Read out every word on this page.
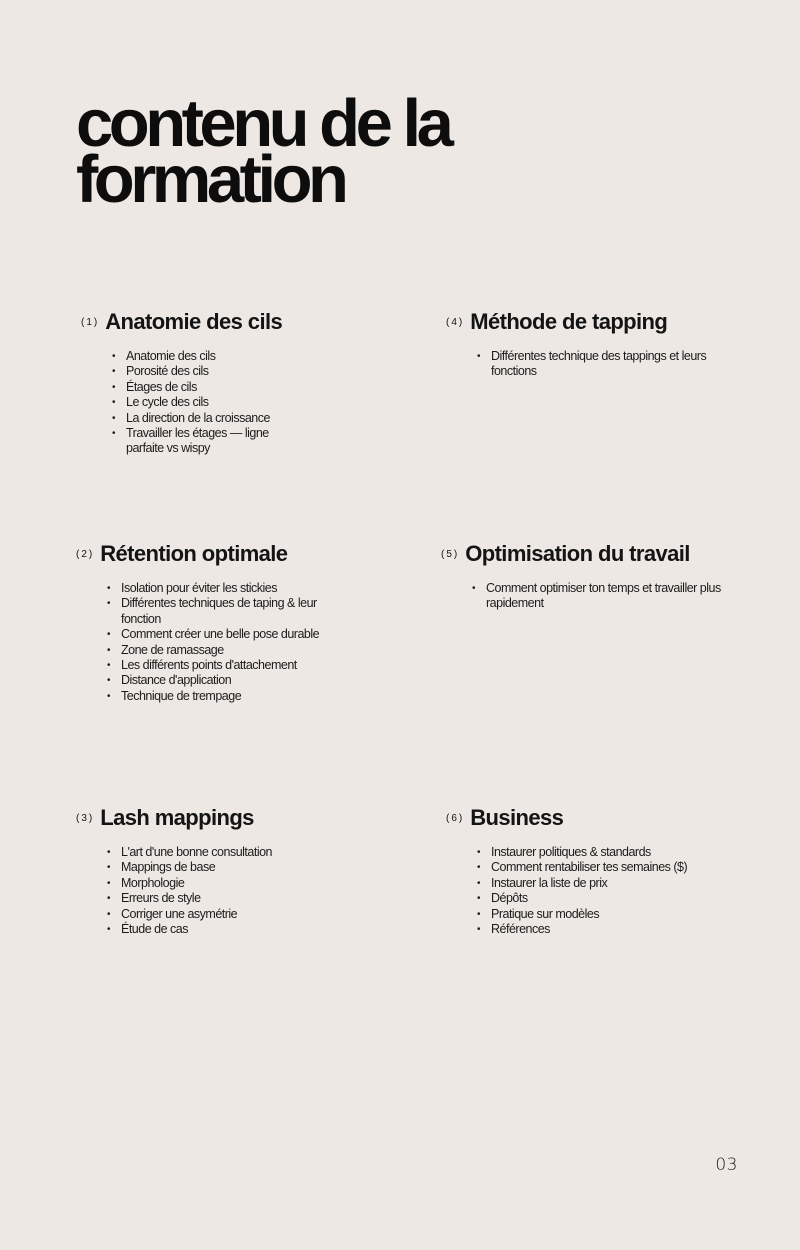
contenu de la
formation
(1) Anatomie des cils
• Anatomie des cils
• Porosité des cils
• Étages de cils
• Le cycle des cils
• La direction de la croissance
• Travailler les étages — ligne parfaite vs wispy
(4) Méthode de tapping
• Différentes technique des tappings et leurs fonctions
(2) Rétention optimale
• Isolation pour éviter les stickies
• Différentes techniques de taping & leur fonction
• Comment créer une belle pose durable
• Zone de ramassage
• Les différents points d'attachement
• Distance d'application
• Technique de trempage
(5) Optimisation du travail
• Comment optimiser ton temps et travailler plus rapidement
(3) Lash mappings
• L'art d'une bonne consultation
• Mappings de base
• Morphologie
• Erreurs de style
• Corriger une asymétrie
• Étude de cas
(6) Business
• Instaurer politiques & standards
• Comment rentabiliser tes semaines ($)
• Instaurer la liste de prix
• Dépôts
• Pratique sur modèles
• Références
03
